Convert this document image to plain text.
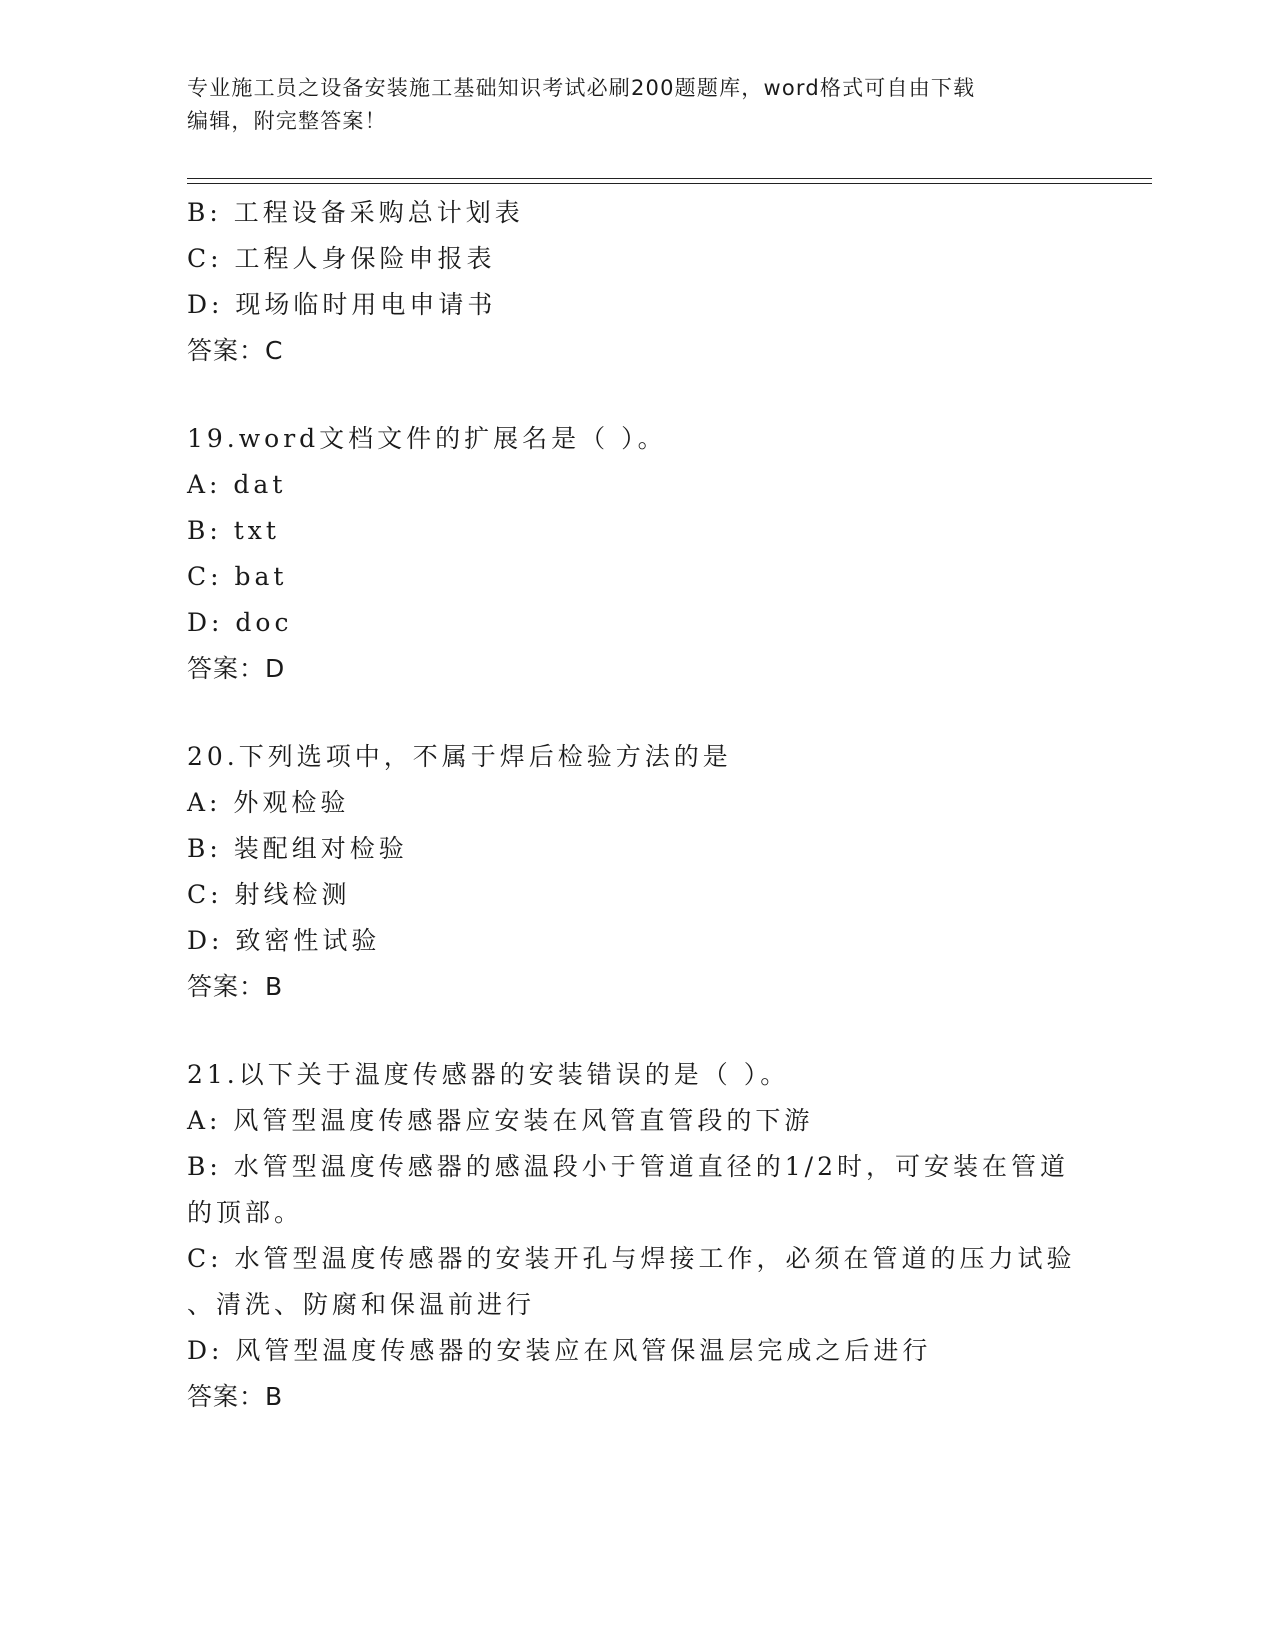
专业施工员之设备安装施工基础知识考试必刷200题题库，word格式可自由下载
编辑，附完整答案！
B: 工程设备采购总计划表
C: 工程人身保险申报表
D: 现场临时用电申请书
答案：C
19.word文档文件的扩展名是（ ）。
A: dat
B: txt
C: bat
D: doc
答案：D
20.下列选项中，不属于焊后检验方法的是
A: 外观检验
B: 装配组对检验
C: 射线检测
D: 致密性试验
答案：B
21.以下关于温度传感器的安装错误的是（ ）。
A: 风管型温度传感器应安装在风管直管段的下游
B: 水管型温度传感器的感温段小于管道直径的1/2时，可安装在管道
的顶部。
C: 水管型温度传感器的安装开孔与焊接工作，必须在管道的压力试验
、清洗、防腐和保温前进行
D: 风管型温度传感器的安装应在风管保温层完成之后进行
答案：B
